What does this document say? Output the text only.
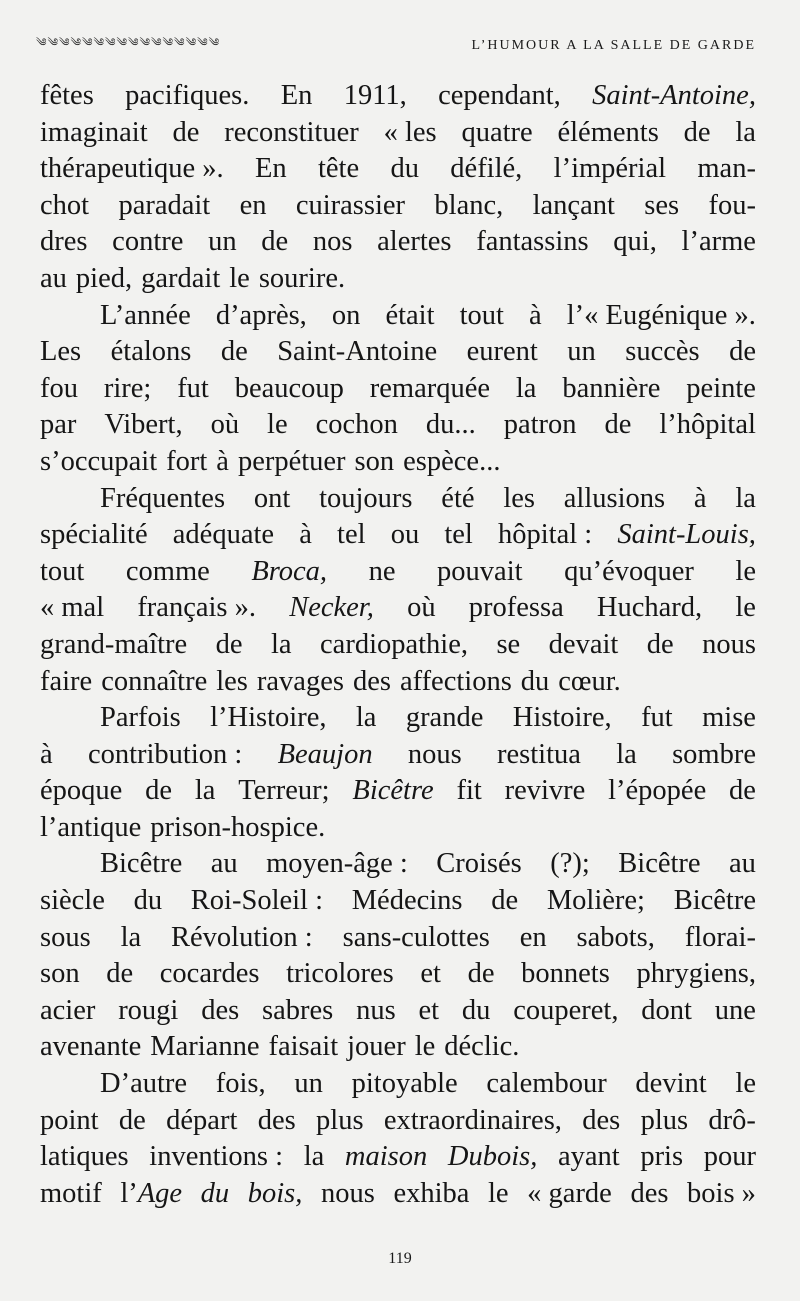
༄༄༄༄༄༄༄༄༄༄༄༄༄༄༄༄	L’HUMOUR A LA SALLE DE GARDE
fêtes pacifiques. En 1911, cependant, Saint-Antoine,
imaginait de reconstituer « les quatre éléments de la
thérapeutique ». En tête du défilé, l’impérial man-
chot paradait en cuirassier blanc, lançant ses fou-
dres contre un de nos alertes fantassins qui, l’arme
au pied, gardait le sourire.
L’année d’après, on était tout à l’« Eugénique ».
Les étalons de Saint-Antoine eurent un succès de
fou rire; fut beaucoup remarquée la bannière peinte
par Vibert, où le cochon du... patron de l’hôpital
s’occupait fort à perpétuer son espèce...
Fréquentes ont toujours été les allusions à la
spécialité adéquate à tel ou tel hôpital : Saint-Louis,
tout comme Broca, ne pouvait qu’évoquer le
« mal français ». Necker, où professa Huchard, le
grand-maître de la cardiopathie, se devait de nous
faire connaître les ravages des affections du cœur.
Parfois l’Histoire, la grande Histoire, fut mise
à contribution : Beaujon nous restitua la sombre
époque de la Terreur; Bicêtre fit revivre l’épopée de
l’antique prison-hospice.
Bicêtre au moyen-âge : Croisés (?); Bicêtre au
siècle du Roi-Soleil : Médecins de Molière; Bicêtre
sous la Révolution : sans-culottes en sabots, florai-
son de cocardes tricolores et de bonnets phrygiens,
acier rougi des sabres nus et du couperet, dont une
avenante Marianne faisait jouer le déclic.
D’autre fois, un pitoyable calembour devint le
point de départ des plus extraordinaires, des plus drô-
latiques inventions : la maison Dubois, ayant pris pour
motif l’Age du bois, nous exhiba le « garde des bois »
119
